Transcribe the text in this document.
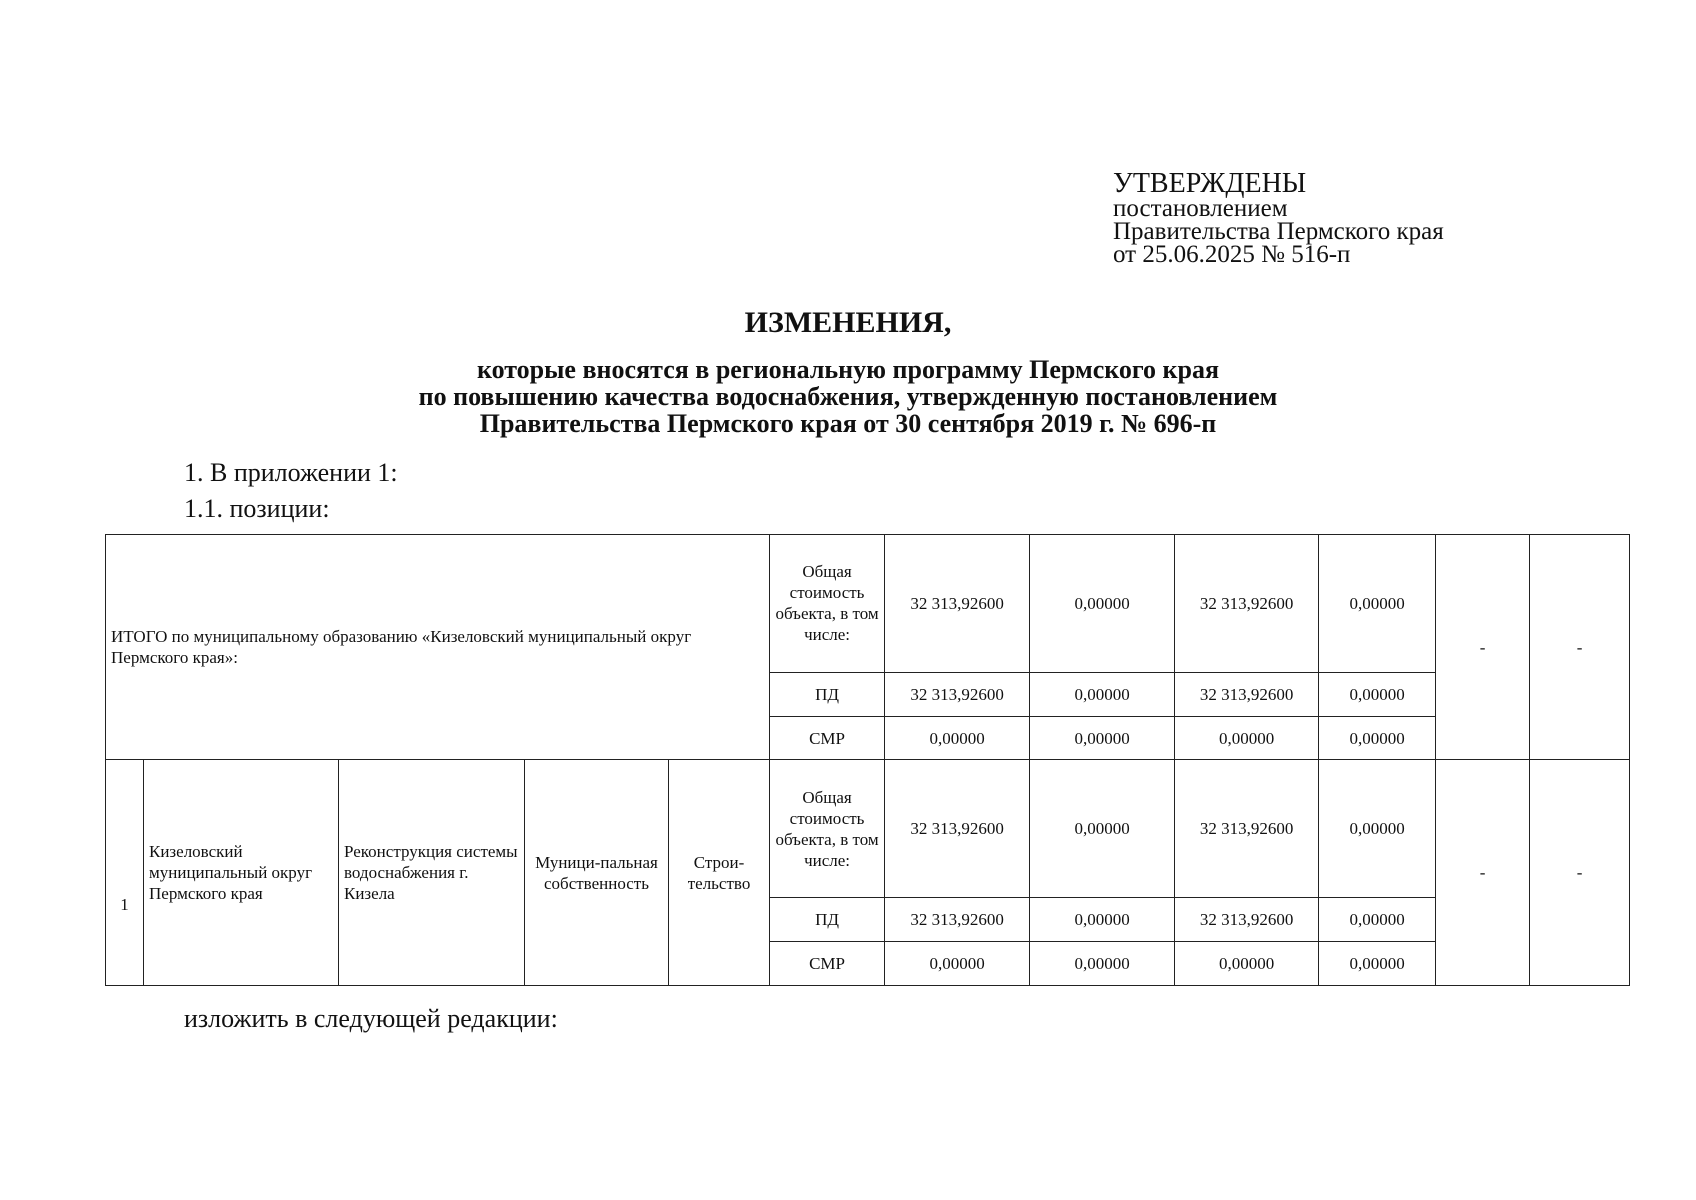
УТВЕРЖДЕНЫ
постановлением
Правительства Пермского края
от 25.06.2025 № 516-п
ИЗМЕНЕНИЯ,
которые вносятся в региональную программу Пермского края
по повышению качества водоснабжения, утвержденную постановлением
Правительства Пермского края от 30 сентября 2019 г. № 696-п
1. В приложении 1:
1.1. позиции:
ИТОГО по муниципальному образованию «Кизеловский муниципальный округ Пермского края»:					Общая стоимость объекта, в том числе:	32 313,92600	0,00000	32 313,92600	0,00000	-	-
					ПД	32 313,92600	0,00000	32 313,92600	0,00000		
					СМР	0,00000	0,00000	0,00000	0,00000		
1	Кизеловский муниципальный округ Пермского края	Реконструкция системы водоснабжения г. Кизела	Муници-пальная собственность	Строи-тельство	Общая стоимость объекта, в том числе:	32 313,92600	0,00000	32 313,92600	0,00000	-	-
					ПД	32 313,92600	0,00000	32 313,92600	0,00000		
					СМР	0,00000	0,00000	0,00000	0,00000		
изложить в следующей редакции:
